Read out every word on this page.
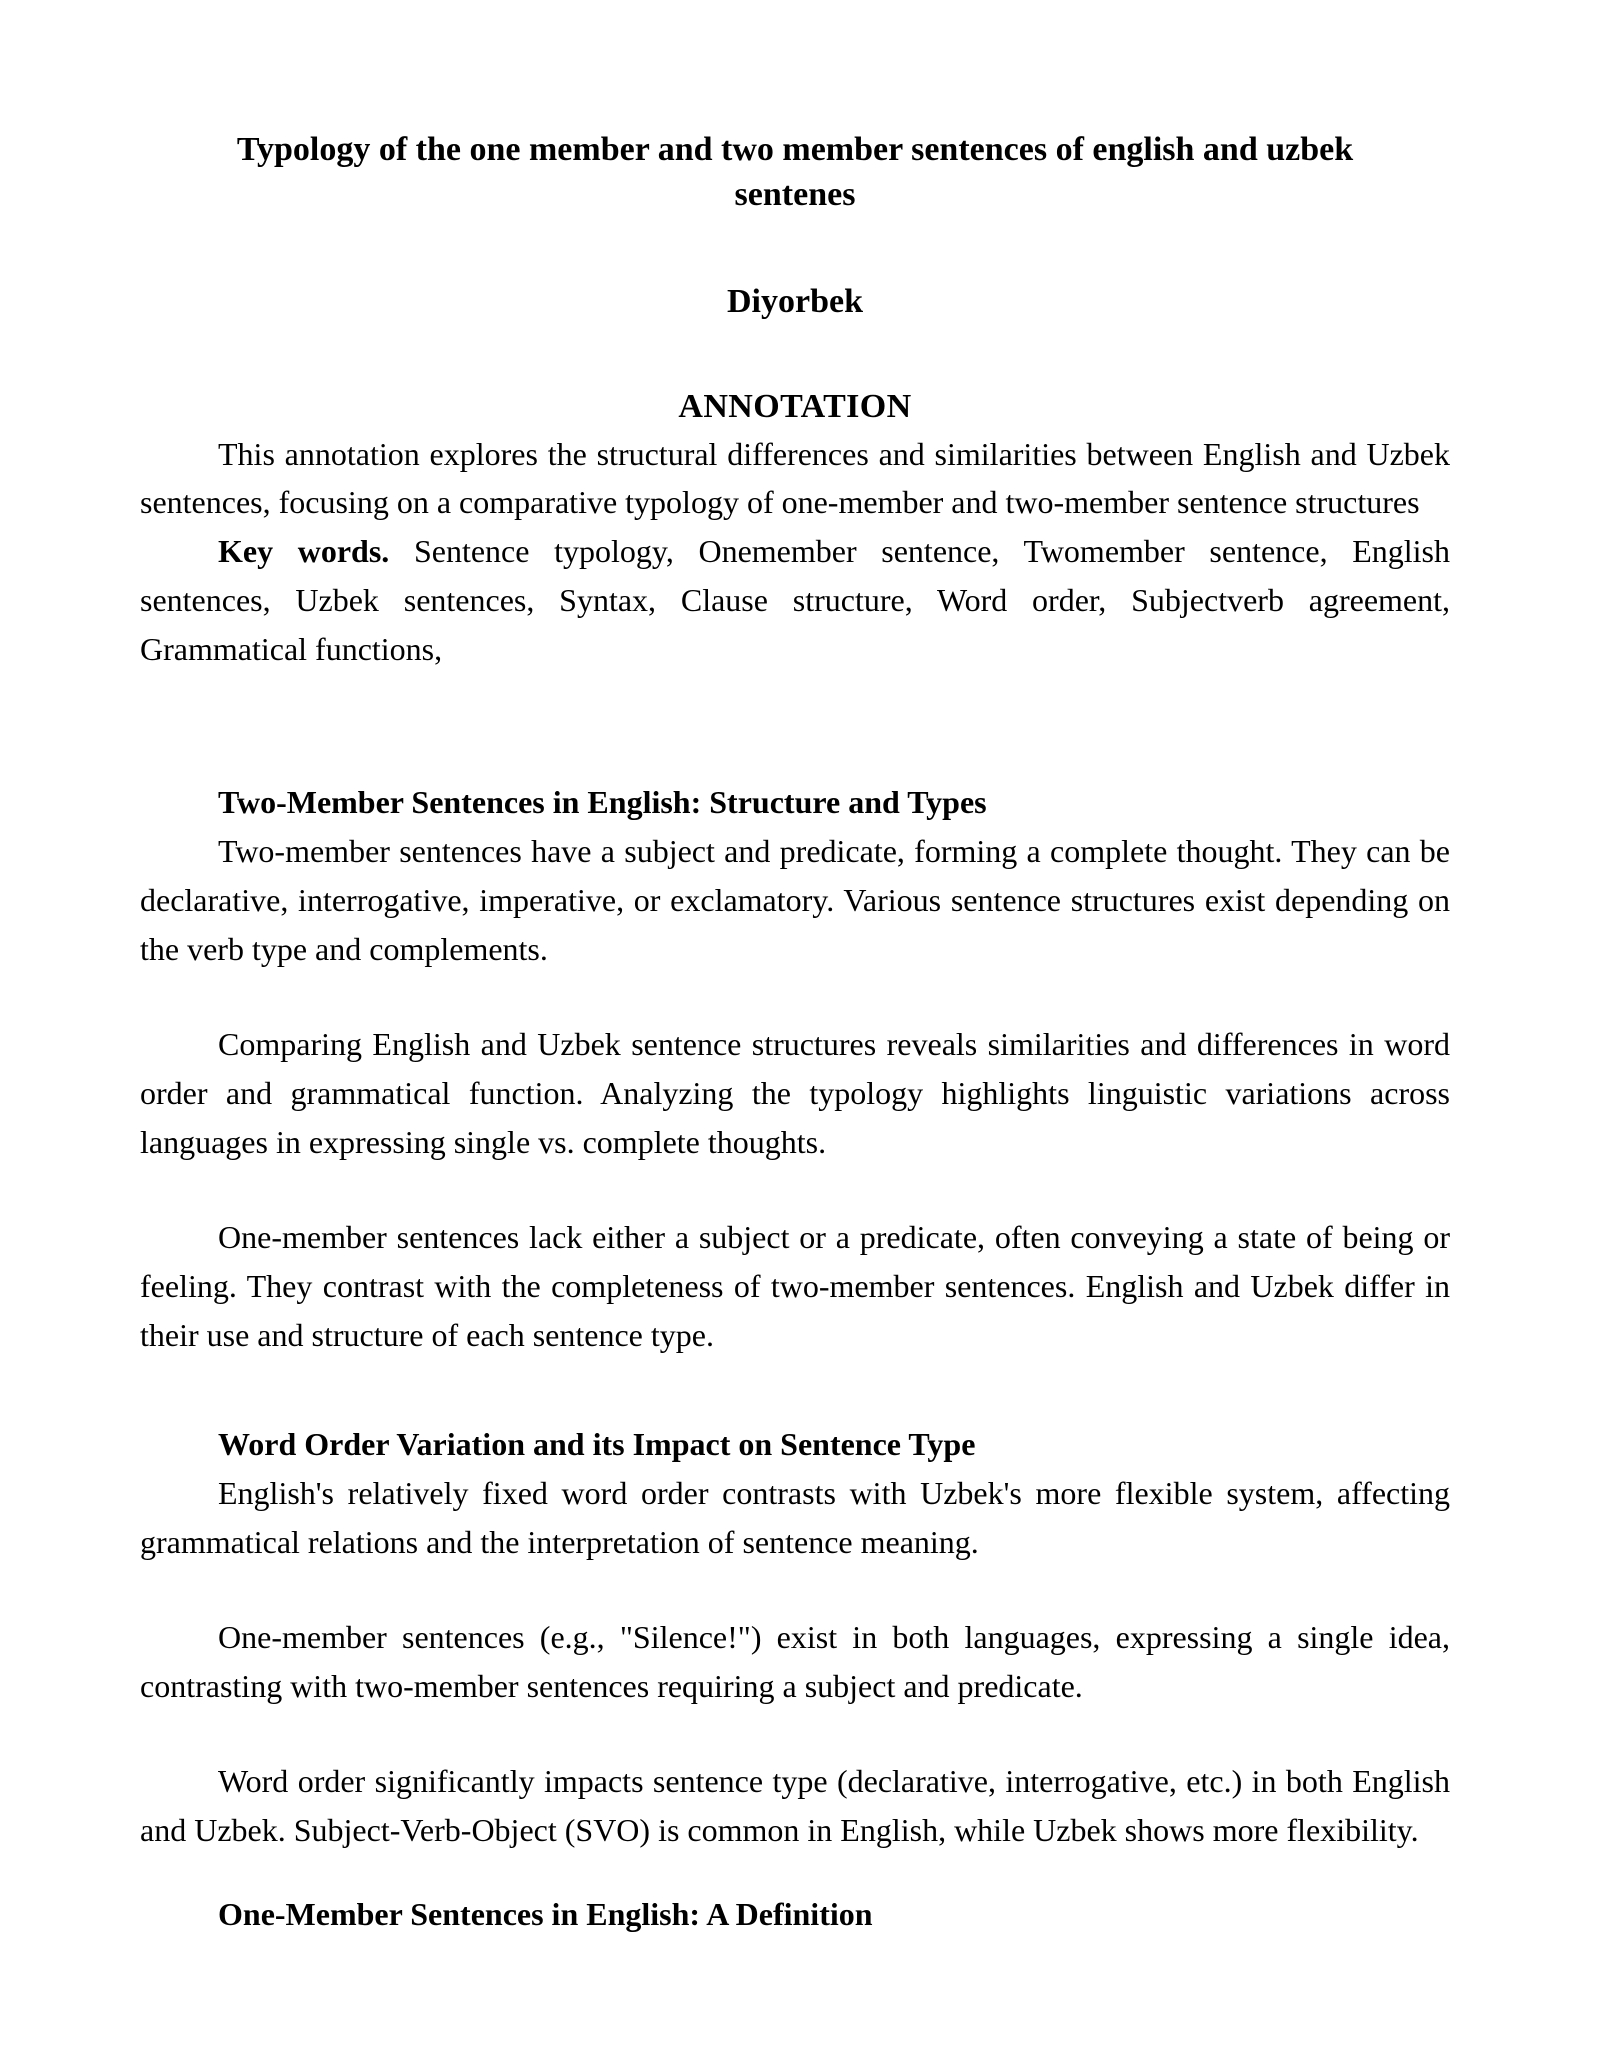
Typology of the one member and two member sentences of english and uzbek sentenes
Diyorbek
ANNOTATION

This annotation explores the structural differences and similarities between English and Uzbek sentences, focusing on a comparative typology of one-member and two-member sentence structures

Key words. Sentence typology, Onemember sentence, Twomember sentence, English sentences, Uzbek sentences, Syntax, Clause structure, Word order, Subjectverb agreement, Grammatical functions,

Two-Member Sentences in English: Structure and Types

Two-member sentences have a subject and predicate, forming a complete thought. They can be declarative, interrogative, imperative, or exclamatory. Various sentence structures exist depending on the verb type and complements.

Comparing English and Uzbek sentence structures reveals similarities and differences in word order and grammatical function. Analyzing the typology highlights linguistic variations across languages in expressing single vs. complete thoughts.

One-member sentences lack either a subject or a predicate, often conveying a state of being or feeling. They contrast with the completeness of two-member sentences. English and Uzbek differ in their use and structure of each sentence type.

Word Order Variation and its Impact on Sentence Type

English's relatively fixed word order contrasts with Uzbek's more flexible system, affecting grammatical relations and the interpretation of sentence meaning.

One-member sentences (e.g., "Silence!") exist in both languages, expressing a single idea, contrasting with two-member sentences requiring a subject and predicate.

Word order significantly impacts sentence type (declarative, interrogative, etc.) in both English and Uzbek. Subject-Verb-Object (SVO) is common in English, while Uzbek shows more flexibility.

One-Member Sentences in English: A Definition
